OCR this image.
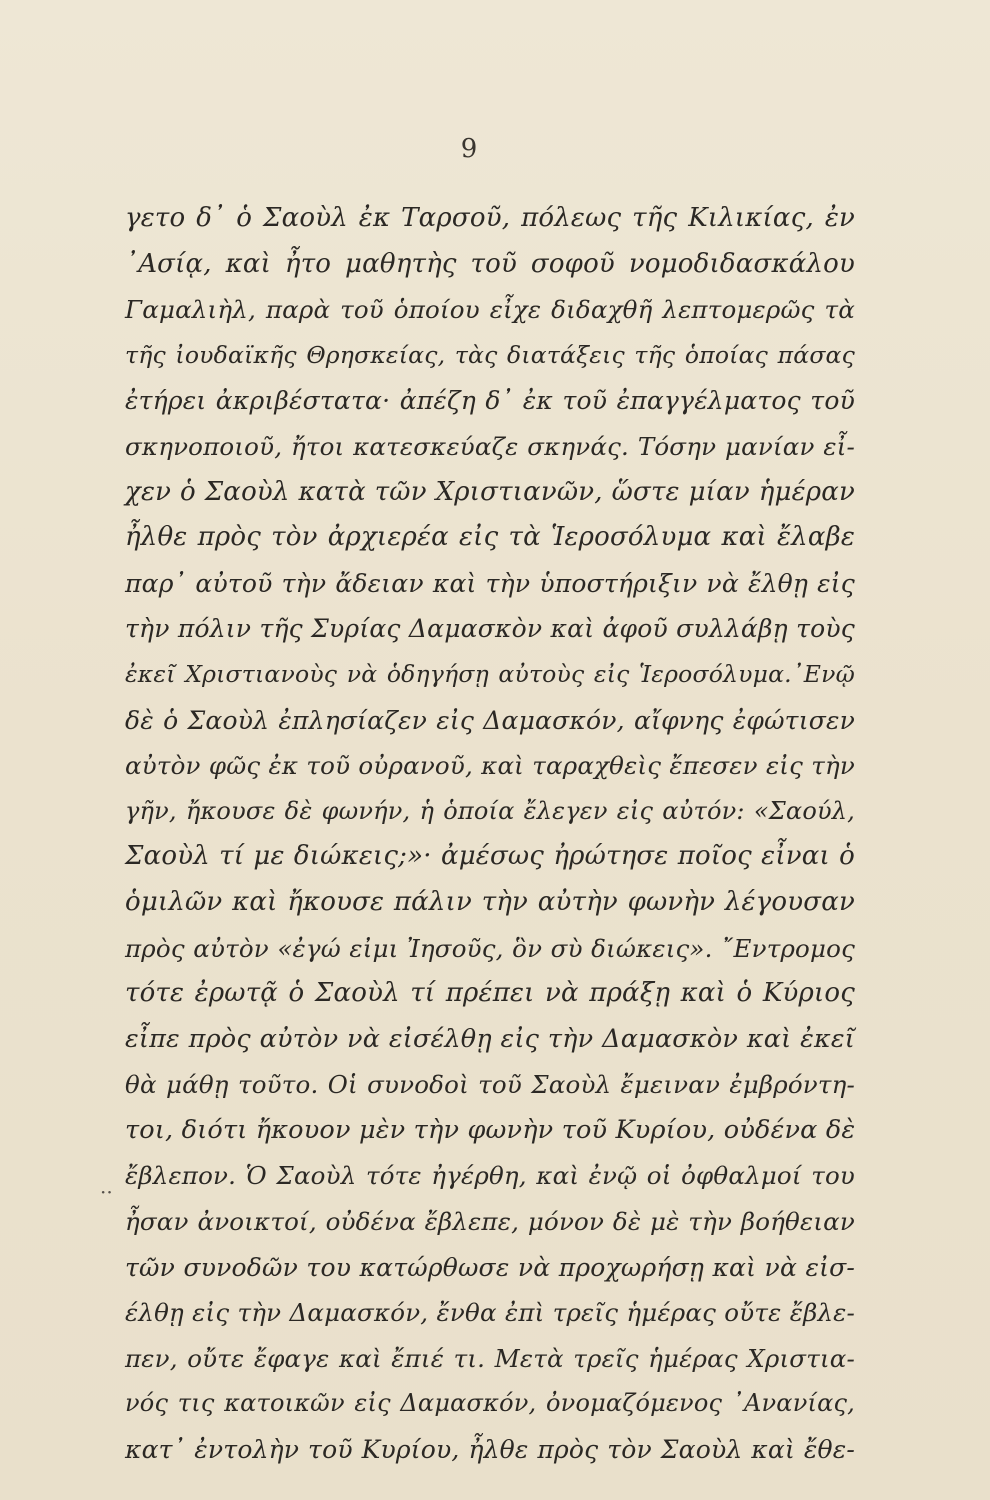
9
··
γετο δ᾽ ὁ Σαοὺλ ἐκ Ταρσοῦ, πόλεως τῆς Κιλικίας, ἐν
᾽Ασίᾳ, καὶ ἦτο μαθητὴς τοῦ σοφοῦ νομοδιδασκάλου
Γαμαλιὴλ, παρὰ τοῦ ὁποίου εἶχε διδαχθῆ λεπτομερῶς τὰ
τῆς ἰουδαϊκῆς Θρησκείας, τὰς διατάξεις τῆς ὁποίας πάσας
ἐτήρει ἀκριβέστατα· ἀπέζη δ᾽ ἐκ τοῦ ἐπαγγέλματος τοῦ
σκηνοποιοῦ, ἤτοι κατεσκεύαζε σκηνάς. Τόσην μανίαν εἶ-
χεν ὁ Σαοὺλ κατὰ τῶν Χριστιανῶν, ὥστε μίαν ἡμέραν
ἦλθε πρὸς τὸν ἀρχιερέα εἰς τὰ Ἱεροσόλυμα καὶ ἔλαβε
παρ᾽ αὐτοῦ τὴν ἄδειαν καὶ τὴν ὑποστήριξιν νὰ ἔλθῃ εἰς
τὴν πόλιν τῆς Συρίας Δαμασκὸν καὶ ἀφοῦ συλλάβῃ τοὺς
ἐκεῖ Χριστιανοὺς νὰ ὁδηγήσῃ αὐτοὺς εἰς Ἱεροσόλυμα.᾽Ενῷ
δὲ ὁ Σαοὺλ ἐπλησίαζεν εἰς Δαμασκόν, αἴφνης ἐφώτισεν
αὐτὸν φῶς ἐκ τοῦ οὐρανοῦ, καὶ ταραχθεὶς ἔπεσεν εἰς τὴν
γῆν, ἤκουσε δὲ φωνήν, ἡ ὁποία ἔλεγεν εἰς αὐτόν: «Σαούλ,
Σαοὺλ τί με διώκεις;»· ἀμέσως ἠρώτησε ποῖος εἶναι ὁ
ὁμιλῶν καὶ ἤκουσε πάλιν τὴν αὐτὴν φωνὴν λέγουσαν
πρὸς αὐτὸν «ἐγώ εἰμι Ἰησοῦς, ὃν σὺ διώκεις». ῎Εντρομος
τότε ἐρωτᾷ ὁ Σαοὺλ τί πρέπει νὰ πράξῃ καὶ ὁ Κύριος
εἶπε πρὸς αὐτὸν νὰ εἰσέλθῃ εἰς τὴν Δαμασκὸν καὶ ἐκεῖ
θὰ μάθῃ τοῦτο. Οἱ συνοδοὶ τοῦ Σαοὺλ ἔμειναν ἐμβρόντη-
τοι, διότι ἤκουον μὲν τὴν φωνὴν τοῦ Κυρίου, οὐδένα δὲ
ἔβλεπον. Ὁ Σαοὺλ τότε ἠγέρθη, καὶ ἐνῷ οἱ ὀφθαλμοί του
ἦσαν ἀνοικτοί, οὐδένα ἔβλεπε, μόνον δὲ μὲ τὴν βοήθειαν
τῶν συνοδῶν του κατώρθωσε νὰ προχωρήσῃ καὶ νὰ εἰσ-
έλθῃ εἰς τὴν Δαμασκόν, ἔνθα ἐπὶ τρεῖς ἡμέρας οὔτε ἔβλε-
πεν, οὔτε ἔφαγε καὶ ἔπιέ τι. Μετὰ τρεῖς ἡμέρας Χριστια-
νός τις κατοικῶν εἰς Δαμασκόν, ὀνομαζόμενος ᾽Ανανίας,
κατ᾽ ἐντολὴν τοῦ Κυρίου, ἦλθε πρὸς τὸν Σαοὺλ καὶ ἔθε-
